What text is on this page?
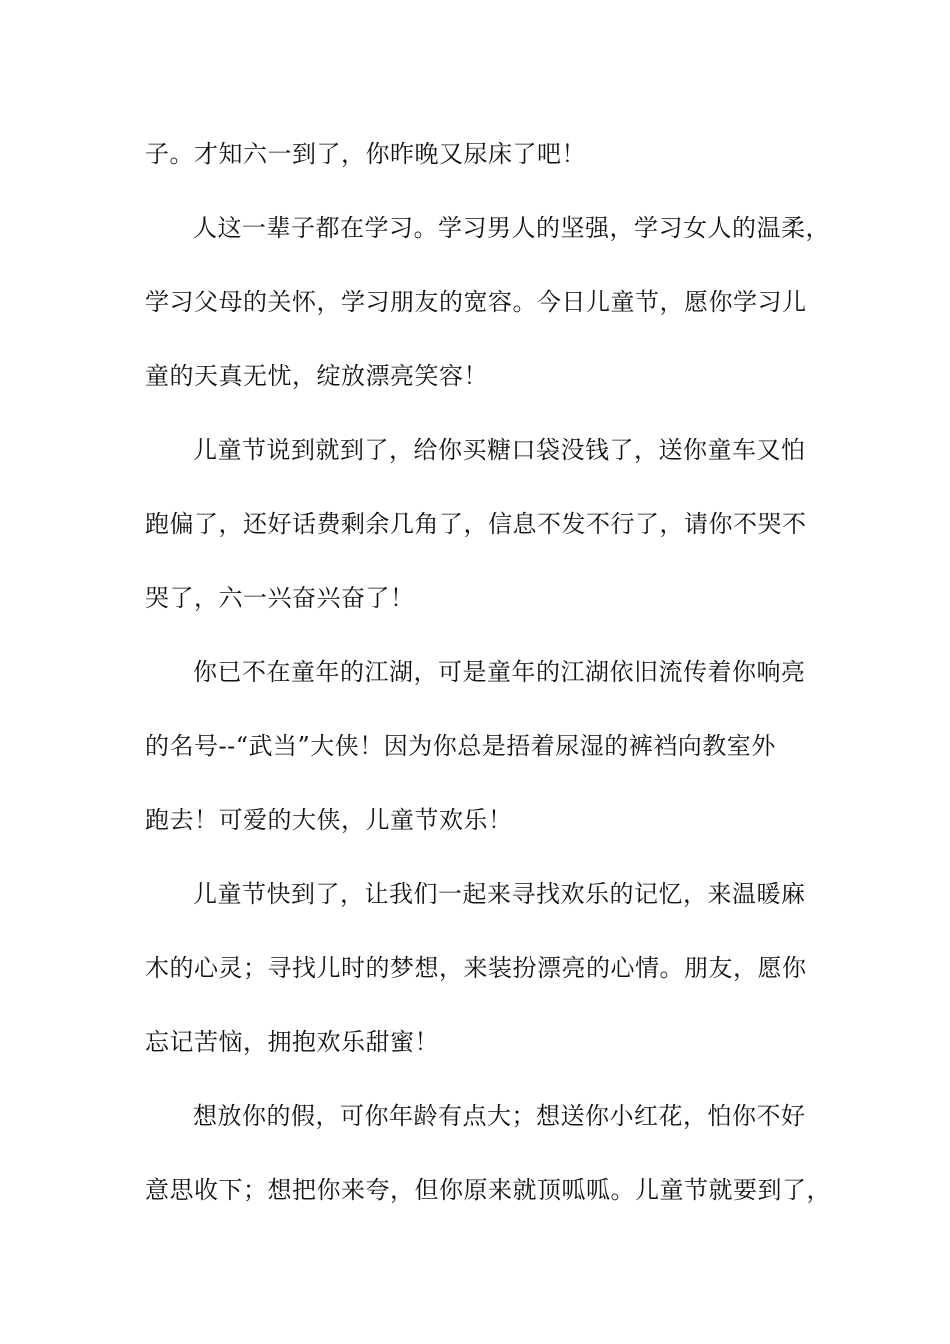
子。才知六一到了，你昨晚又尿床了吧！
人这一辈子都在学习。学习男人的坚强，学习女人的温柔，
学习父母的关怀，学习朋友的宽容。今日儿童节，愿你学习儿
童的天真无忧，绽放漂亮笑容！
儿童节说到就到了，给你买糖口袋没钱了，送你童车又怕
跑偏了，还好话费剩余几角了，信息不发不行了，请你不哭不
哭了，六一兴奋兴奋了！
你已不在童年的江湖，可是童年的江湖依旧流传着你响亮
的名号--“武当”大侠！因为你总是捂着尿湿的裤裆向教室外
跑去！可爱的大侠，儿童节欢乐！
儿童节快到了，让我们一起来寻找欢乐的记忆，来温暖麻
木的心灵；寻找儿时的梦想，来装扮漂亮的心情。朋友，愿你
忘记苦恼，拥抱欢乐甜蜜！
想放你的假，可你年龄有点大；想送你小红花，怕你不好
意思收下；想把你来夸，但你原来就顶呱呱。儿童节就要到了，
